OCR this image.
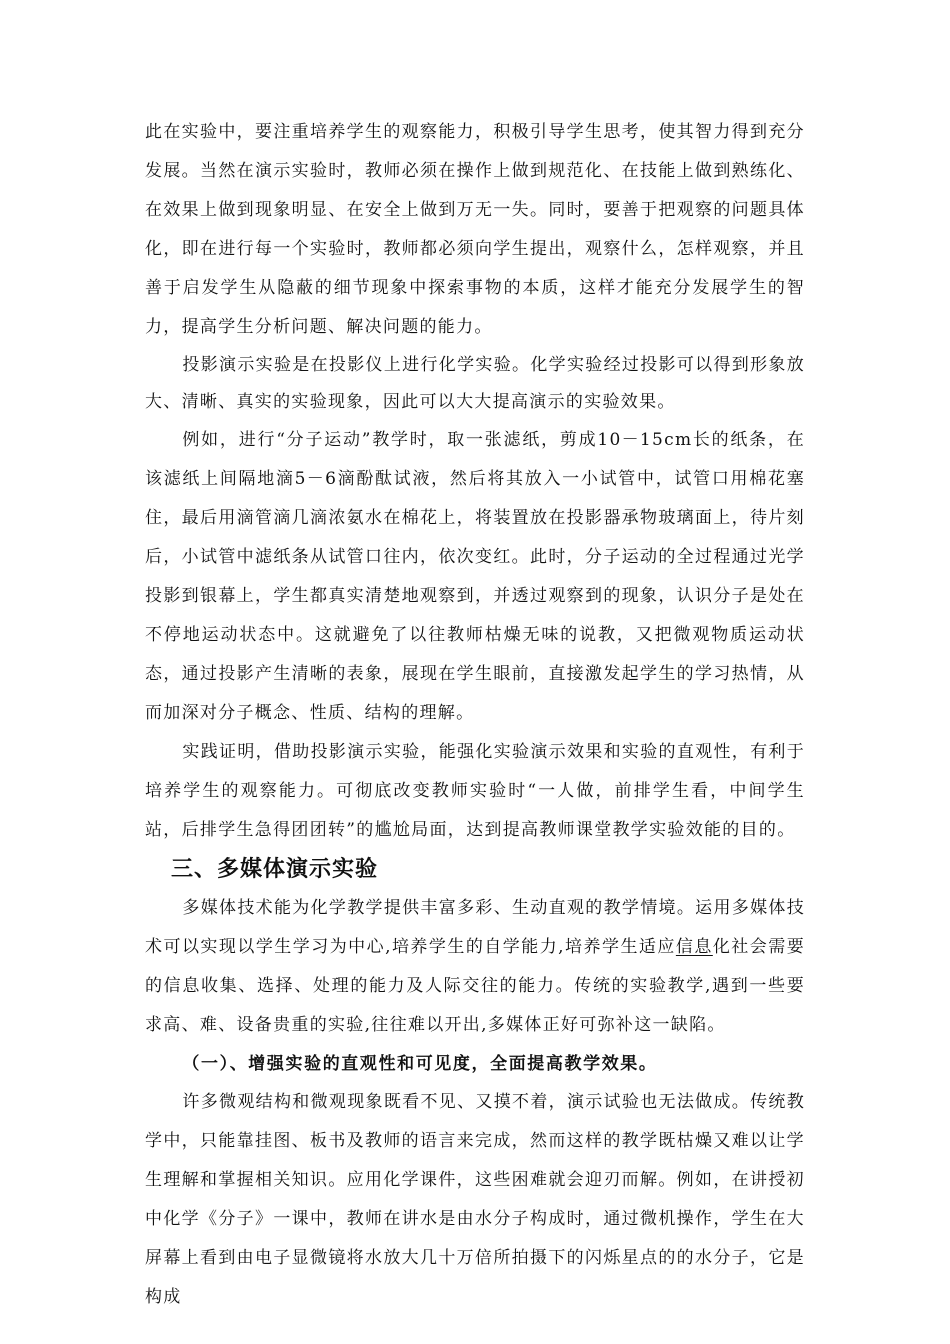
此在实验中，要注重培养学生的观察能力，积极引导学生思考，使其智力得到充分发展。当然在演示实验时，教师必须在操作上做到规范化、在技能上做到熟练化、在效果上做到现象明显、在安全上做到万无一失。同时，要善于把观察的问题具体化，即在进行每一个实验时，教师都必须向学生提出，观察什么，怎样观察，并且善于启发学生从隐蔽的细节现象中探索事物的本质，这样才能充分发展学生的智力，提高学生分析问题、解决问题的能力。

投影演示实验是在投影仪上进行化学实验。化学实验经过投影可以得到形象放大、清晰、真实的实验现象，因此可以大大提高演示的实验效果。

例如，进行“分子运动”教学时，取一张滤纸，剪成10－15cm长的纸条，在该滤纸上间隔地滴5－6滴酚酞试液，然后将其放入一小试管中，试管口用棉花塞住，最后用滴管滴几滴浓氨水在棉花上，将装置放在投影器承物玻璃面上，待片刻后，小试管中滤纸条从试管口往内，依次变红。此时，分子运动的全过程通过光学投影到银幕上，学生都真实清楚地观察到，并透过观察到的现象，认识分子是处在不停地运动状态中。这就避免了以往教师枯燥无味的说教，又把微观物质运动状态，通过投影产生清晰的表象，展现在学生眼前，直接激发起学生的学习热情，从而加深对分子概念、性质、结构的理解。

实践证明，借助投影演示实验，能强化实验演示效果和实验的直观性，有利于培养学生的观察能力。可彻底改变教师实验时“一人做，前排学生看，中间学生站，后排学生急得团团转”的尴尬局面，达到提高教师课堂教学实验效能的目的。

三、多媒体演示实验

多媒体技术能为化学教学提供丰富多彩、生动直观的教学情境。运用多媒体技术可以实现以学生学习为中心,培养学生的自学能力,培养学生适应信息化社会需要的信息收集、选择、处理的能力及人际交往的能力。传统的实验教学,遇到一些要求高、难、设备贵重的实验,往往难以开出,多媒体正好可弥补这一缺陷。

（一）、增强实验的直观性和可见度，全面提高教学效果。

许多微观结构和微观现象既看不见、又摸不着，演示试验也无法做成。传统教学中，只能靠挂图、板书及教师的语言来完成，然而这样的教学既枯燥又难以让学生理解和掌握相关知识。应用化学课件，这些困难就会迎刃而解。例如，在讲授初中化学《分子》一课中，教师在讲水是由水分子构成时，通过微机操作，学生在大屏幕上看到由电子显微镜将水放大几十万倍所拍摄下的闪烁星点的的水分子，它是构成
